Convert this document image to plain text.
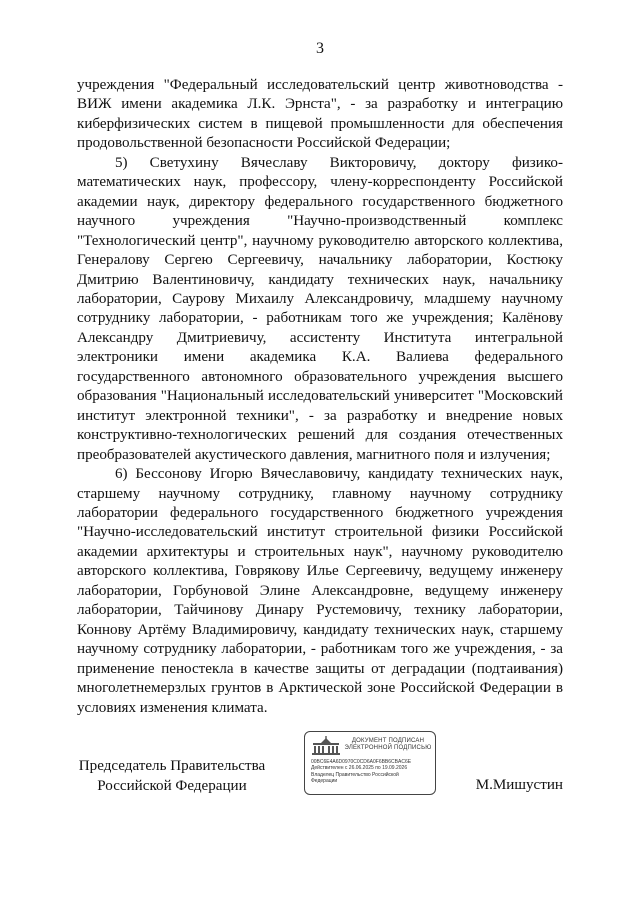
3

учреждения "Федеральный исследовательский центр животноводства - ВИЖ имени академика Л.К. Эрнста", - за разработку и интеграцию киберфизических систем в пищевой промышленности для обеспечения продовольственной безопасности Российской Федерации;

5) Светухину Вячеславу Викторовичу, доктору физико-математических наук, профессору, члену-корреспонденту Российской академии наук, директору федерального государственного бюджетного научного учреждения "Научно-производственный комплекс "Технологический центр", научному руководителю авторского коллектива, Генералову Сергею Сергеевичу, начальнику лаборатории, Костюку Дмитрию Валентиновичу, кандидату технических наук, начальнику лаборатории, Саурову Михаилу Александровичу, младшему научному сотруднику лаборатории, - работникам того же учреждения; Калёнову Александру Дмитриевичу, ассистенту Института интегральной электроники имени академика К.А. Валиева федерального государственного автономного образовательного учреждения высшего образования "Национальный исследовательский университет "Московский институт электронной техники", - за разработку и внедрение новых конструктивно-технологических решений для создания отечественных преобразователей акустического давления, магнитного поля и излучения;

6) Бессонову Игорю Вячеславовичу, кандидату технических наук, старшему научному сотруднику, главному научному сотруднику лаборатории федерального государственного бюджетного учреждения "Научно-исследовательский институт строительной физики Российской академии архитектуры и строительных наук", научному руководителю авторского коллектива, Говрякову Илье Сергеевичу, ведущему инженеру лаборатории, Горбуновой Элине Александровне, ведущему инженеру лаборатории, Тайчинову Динару Рустемовичу, технику лаборатории, Коннову Артёму Владимировичу, кандидату технических наук, старшему научному сотруднику лаборатории, - работникам того же учреждения, - за применение пеностекла в качестве защиты от деградации (подтаивания) многолетнемерзлых грунтов в Арктической зоне Российской Федерации в условиях изменения климата.

Председатель Правительства
Российской Федерации
ДОКУМЕНТ ПОДПИСАН
ЭЛЕКТРОННОЙ ПОДПИСЬЮ
00BC6E4A6D0970C0CD6A0F6BB6CBAC6E
Действителен с 26.06.2025 по 19.09.2026
Владелец Правительство Российской
Федерации	М.Мишустин
